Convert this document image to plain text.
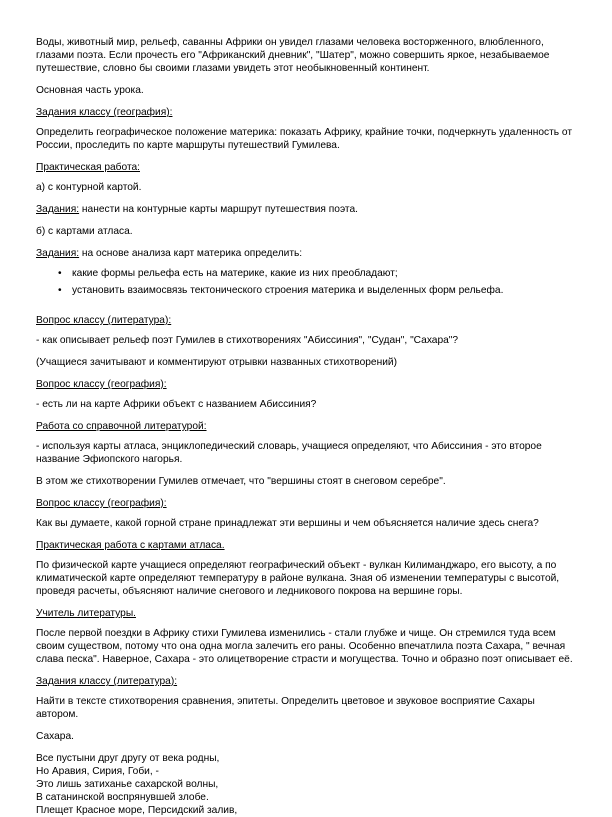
Воды, животный мир, рельеф, саванны Африки он увидел глазами человека восторженного, влюбленного, глазами поэта. Если прочесть его "Африканский дневник", "Шатер", можно совершить яркое, незабываемое путешествие, словно бы своими глазами увидеть этот необыкновенный континент.

Основная часть урока.

Задания классу (география):

Определить географическое положение материка: показать Африку, крайние точки, подчеркнуть удаленность от России, проследить по карте маршруты путешествий Гумилева.

Практическая работа:

а) с контурной картой.

Задания: нанести на контурные карты маршрут путешествия поэта.

б) с картами атласа.

Задания: на основе анализа карт материка определить:

• какие формы рельефа есть на материке, какие из них преобладают;
• установить взаимосвязь тектонического строения материка и выделенных форм рельефа.

Вопрос классу (литература):

- как описывает рельеф поэт Гумилев в стихотворениях "Абиссиния", "Судан", "Сахара"?

(Учащиеся зачитывают и комментируют отрывки названных стихотворений)

Вопрос классу (география):

- есть ли на карте Африки объект с названием Абиссиния?

Работа со справочной литературой:

- используя карты атласа, энциклопедический словарь, учащиеся определяют, что Абиссиния - это второе название Эфиопского нагорья.

В этом же стихотворении Гумилев отмечает, что "вершины стоят в снеговом серебре".

Вопрос классу (география):

Как вы думаете, какой горной стране принадлежат эти вершины и чем объясняется наличие здесь снега?

Практическая работа с картами атласа.

По физической карте учащиеся определяют географический объект - вулкан Килиманджаро, его высоту, а по климатической карте определяют температуру в районе вулкана. Зная об изменении температуры с высотой, проведя расчеты, объясняют наличие снегового и ледникового покрова на вершине горы.

Учитель литературы.

После первой поездки в Африку стихи Гумилева изменились - стали глубже и чище. Он стремился туда всем своим существом, потому что она одна могла залечить его раны. Особенно впечатлила поэта Сахара, " вечная слава песка". Наверное, Сахара - это олицетворение страсти и могущества. Точно и образно поэт описывает её.

Задания классу (литература):

Найти в тексте стихотворения сравнения, эпитеты. Определить цветовое и звуковое восприятие Сахары автором.

Сахара.

Все пустыни друг другу от века родны,
Но Аравия, Сирия, Гоби, -
Это лишь затиханье сахарской волны,
В сатанинской воспрянувшей злобе.
Плещет Красное море, Персидский залив,
